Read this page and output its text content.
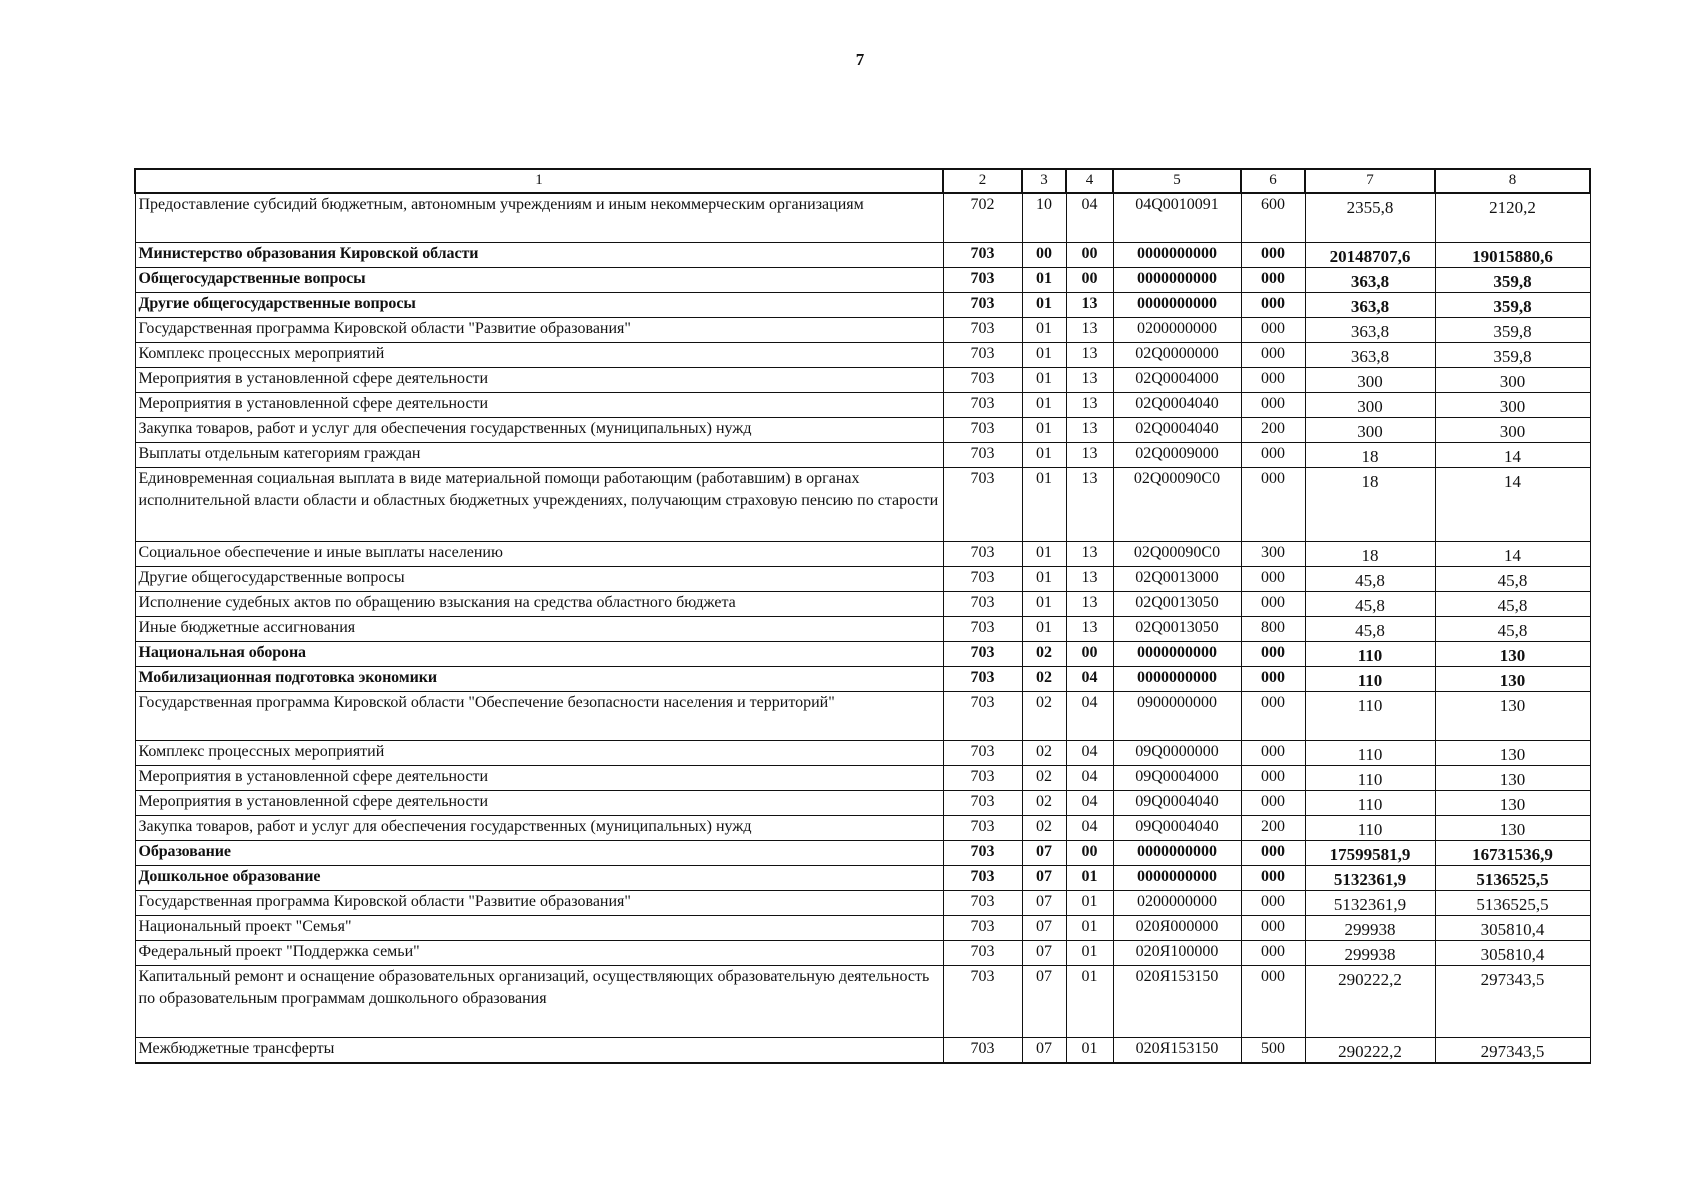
7
1	2	3	4	5	6	7	8
Предоставление субсидий бюджетным, автономным учреждениям и иным некоммерческим организациям	702	10	04	04Q0010091	600	2355,8	2120,2
Министерство образования Кировской области	703	00	00	0000000000	000	20148707,6	19015880,6
Общегосударственные вопросы	703	01	00	0000000000	000	363,8	359,8
Другие общегосударственные вопросы	703	01	13	0000000000	000	363,8	359,8
Государственная программа Кировской области "Развитие образования"	703	01	13	0200000000	000	363,8	359,8
Комплекс процессных мероприятий	703	01	13	02Q0000000	000	363,8	359,8
Мероприятия в установленной сфере деятельности	703	01	13	02Q0004000	000	300	300
Мероприятия в установленной сфере деятельности	703	01	13	02Q0004040	000	300	300
Закупка товаров, работ и услуг для обеспечения государственных (муниципальных) нужд	703	01	13	02Q0004040	200	300	300
Выплаты отдельным категориям граждан	703	01	13	02Q0009000	000	18	14
Единовременная социальная выплата в виде материальной помощи работающим (работавшим) в органах исполнительной власти области и областных бюджетных учреждениях, получающим страховую пенсию по старости	703	01	13	02Q00090C0	000	18	14
Социальное обеспечение и иные выплаты населению	703	01	13	02Q00090C0	300	18	14
Другие общегосударственные вопросы	703	01	13	02Q0013000	000	45,8	45,8
Исполнение судебных актов по обращению взыскания на средства областного бюджета	703	01	13	02Q0013050	000	45,8	45,8
Иные бюджетные ассигнования	703	01	13	02Q0013050	800	45,8	45,8
Национальная оборона	703	02	00	0000000000	000	110	130
Мобилизационная подготовка экономики	703	02	04	0000000000	000	110	130
Государственная программа Кировской области "Обеспечение безопасности населения и территорий"	703	02	04	0900000000	000	110	130
Комплекс процессных мероприятий	703	02	04	09Q0000000	000	110	130
Мероприятия в установленной сфере деятельности	703	02	04	09Q0004000	000	110	130
Мероприятия в установленной сфере деятельности	703	02	04	09Q0004040	000	110	130
Закупка товаров, работ и услуг для обеспечения государственных (муниципальных) нужд	703	02	04	09Q0004040	200	110	130
Образование	703	07	00	0000000000	000	17599581,9	16731536,9
Дошкольное образование	703	07	01	0000000000	000	5132361,9	5136525,5
Государственная программа Кировской области "Развитие образования"	703	07	01	0200000000	000	5132361,9	5136525,5
Национальный проект "Семья"	703	07	01	020Я000000	000	299938	305810,4
Федеральный проект "Поддержка семьи"	703	07	01	020Я100000	000	299938	305810,4
Капитальный ремонт и оснащение образовательных организаций, осуществляющих образовательную деятельность по образовательным программам дошкольного образования	703	07	01	020Я153150	000	290222,2	297343,5
Межбюджетные трансферты	703	07	01	020Я153150	500	290222,2	297343,5
